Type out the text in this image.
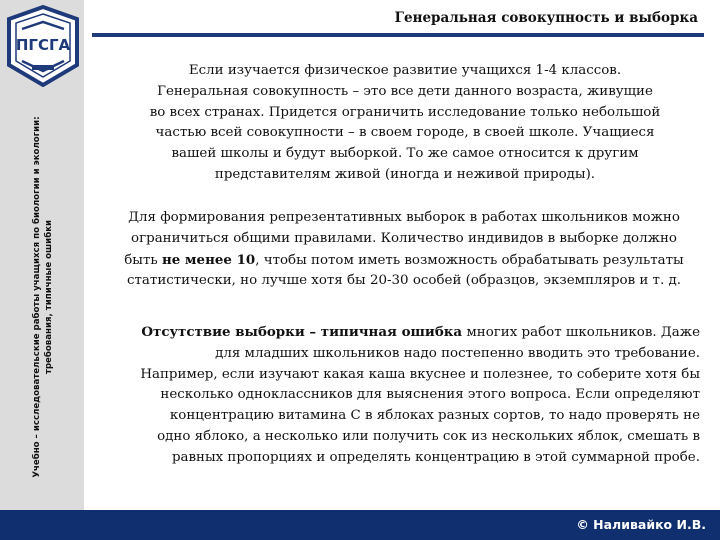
ПГСГА
Учебно – исследовательские работы учащихся по биологии и экологии: требования, типичные ошибки
Генеральная совокупность и выборка
Если изучается физическое развитие учащихся 1-4 классов.
Генеральная совокупность – это все дети данного возраста, живущие
во всех странах. Придется ограничить исследование только небольшой
частью всей совокупности – в своем городе, в своей школе. Учащиеся
вашей школы и будут выборкой. То же самое относится к другим
представителям живой (иногда и неживой природы).
Для формирования репрезентативных выборок в работах школьников можно
ограничиться общими правилами. Количество индивидов в выборке должно
быть не менее 10, чтобы потом иметь возможность обрабатывать результаты
статистически, но лучше хотя бы 20-30 особей (образцов, экземпляров и т. д.
Отсутствие выборки – типичная ошибка многих работ школьников. Даже
для младших школьников надо постепенно вводить это требование.
Например, если изучают какая каша вкуснее и полезнее, то соберите хотя бы
несколько одноклассников для выяснения этого вопроса. Если определяют
концентрацию витамина С в яблоках разных сортов, то надо проверять не
одно яблоко, а несколько или получить сок из нескольких яблок, смешать в
равных пропорциях и определять концентрацию в этой суммарной пробе.
© Наливайко И.В.
